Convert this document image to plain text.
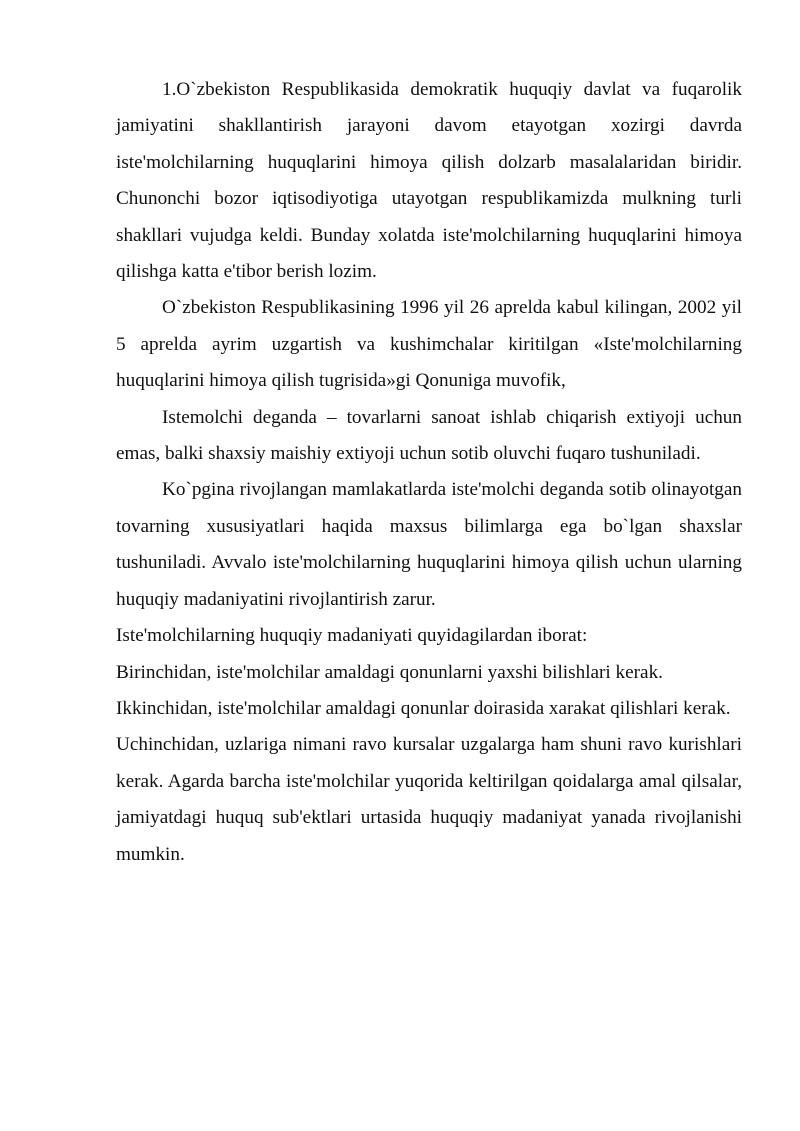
1.O`zbekiston Respublikasida demokratik huquqiy davlat va fuqarolik jamiyatini shakllantirish jarayoni davom etayotgan xozirgi davrda iste'molchilarning huquqlarini himoya qilish dolzarb masalalaridan biridir. Chunonchi bozor iqtisodiyotiga utayotgan respublikamizda mulkning turli shakllari vujudga keldi. Bunday xolatda iste'molchilarning huquqlarini himoya qilishga katta e'tibor berish lozim.

O`zbekiston Respublikasining 1996 yil 26 aprelda kabul kilingan, 2002 yil 5 aprelda ayrim uzgartish va kushimchalar kiritilgan «Iste'molchilarning huquqlarini himoya qilish tugrisida»gi Qonuniga muvofik,

Istemolchi deganda – tovarlarni sanoat ishlab chiqarish extiyoji uchun emas, balki shaxsiy maishiy extiyoji uchun sotib oluvchi fuqaro tushuniladi.

Ko`pgina rivojlangan mamlakatlarda iste'molchi deganda sotib olinayotgan tovarning xususiyatlari haqida maxsus bilimlarga ega bo`lgan shaxslar tushuniladi. Avvalo iste'molchilarning huquqlarini himoya qilish uchun ularning huquqiy madaniyatini rivojlantirish zarur.

Iste'molchilarning huquqiy madaniyati quyidagilardan iborat:

Birinchidan, iste'molchilar amaldagi qonunlarni yaxshi bilishlari kerak.

Ikkinchidan, iste'molchilar amaldagi qonunlar doirasida xarakat qilishlari kerak.

Uchinchidan, uzlariga nimani ravo kursalar uzgalarga ham shuni ravo kurishlari kerak. Agarda barcha iste'molchilar yuqorida keltirilgan qoidalarga amal qilsalar, jamiyatdagi huquq sub'ektlari urtasida huquqiy madaniyat yanada rivojlanishi mumkin.
